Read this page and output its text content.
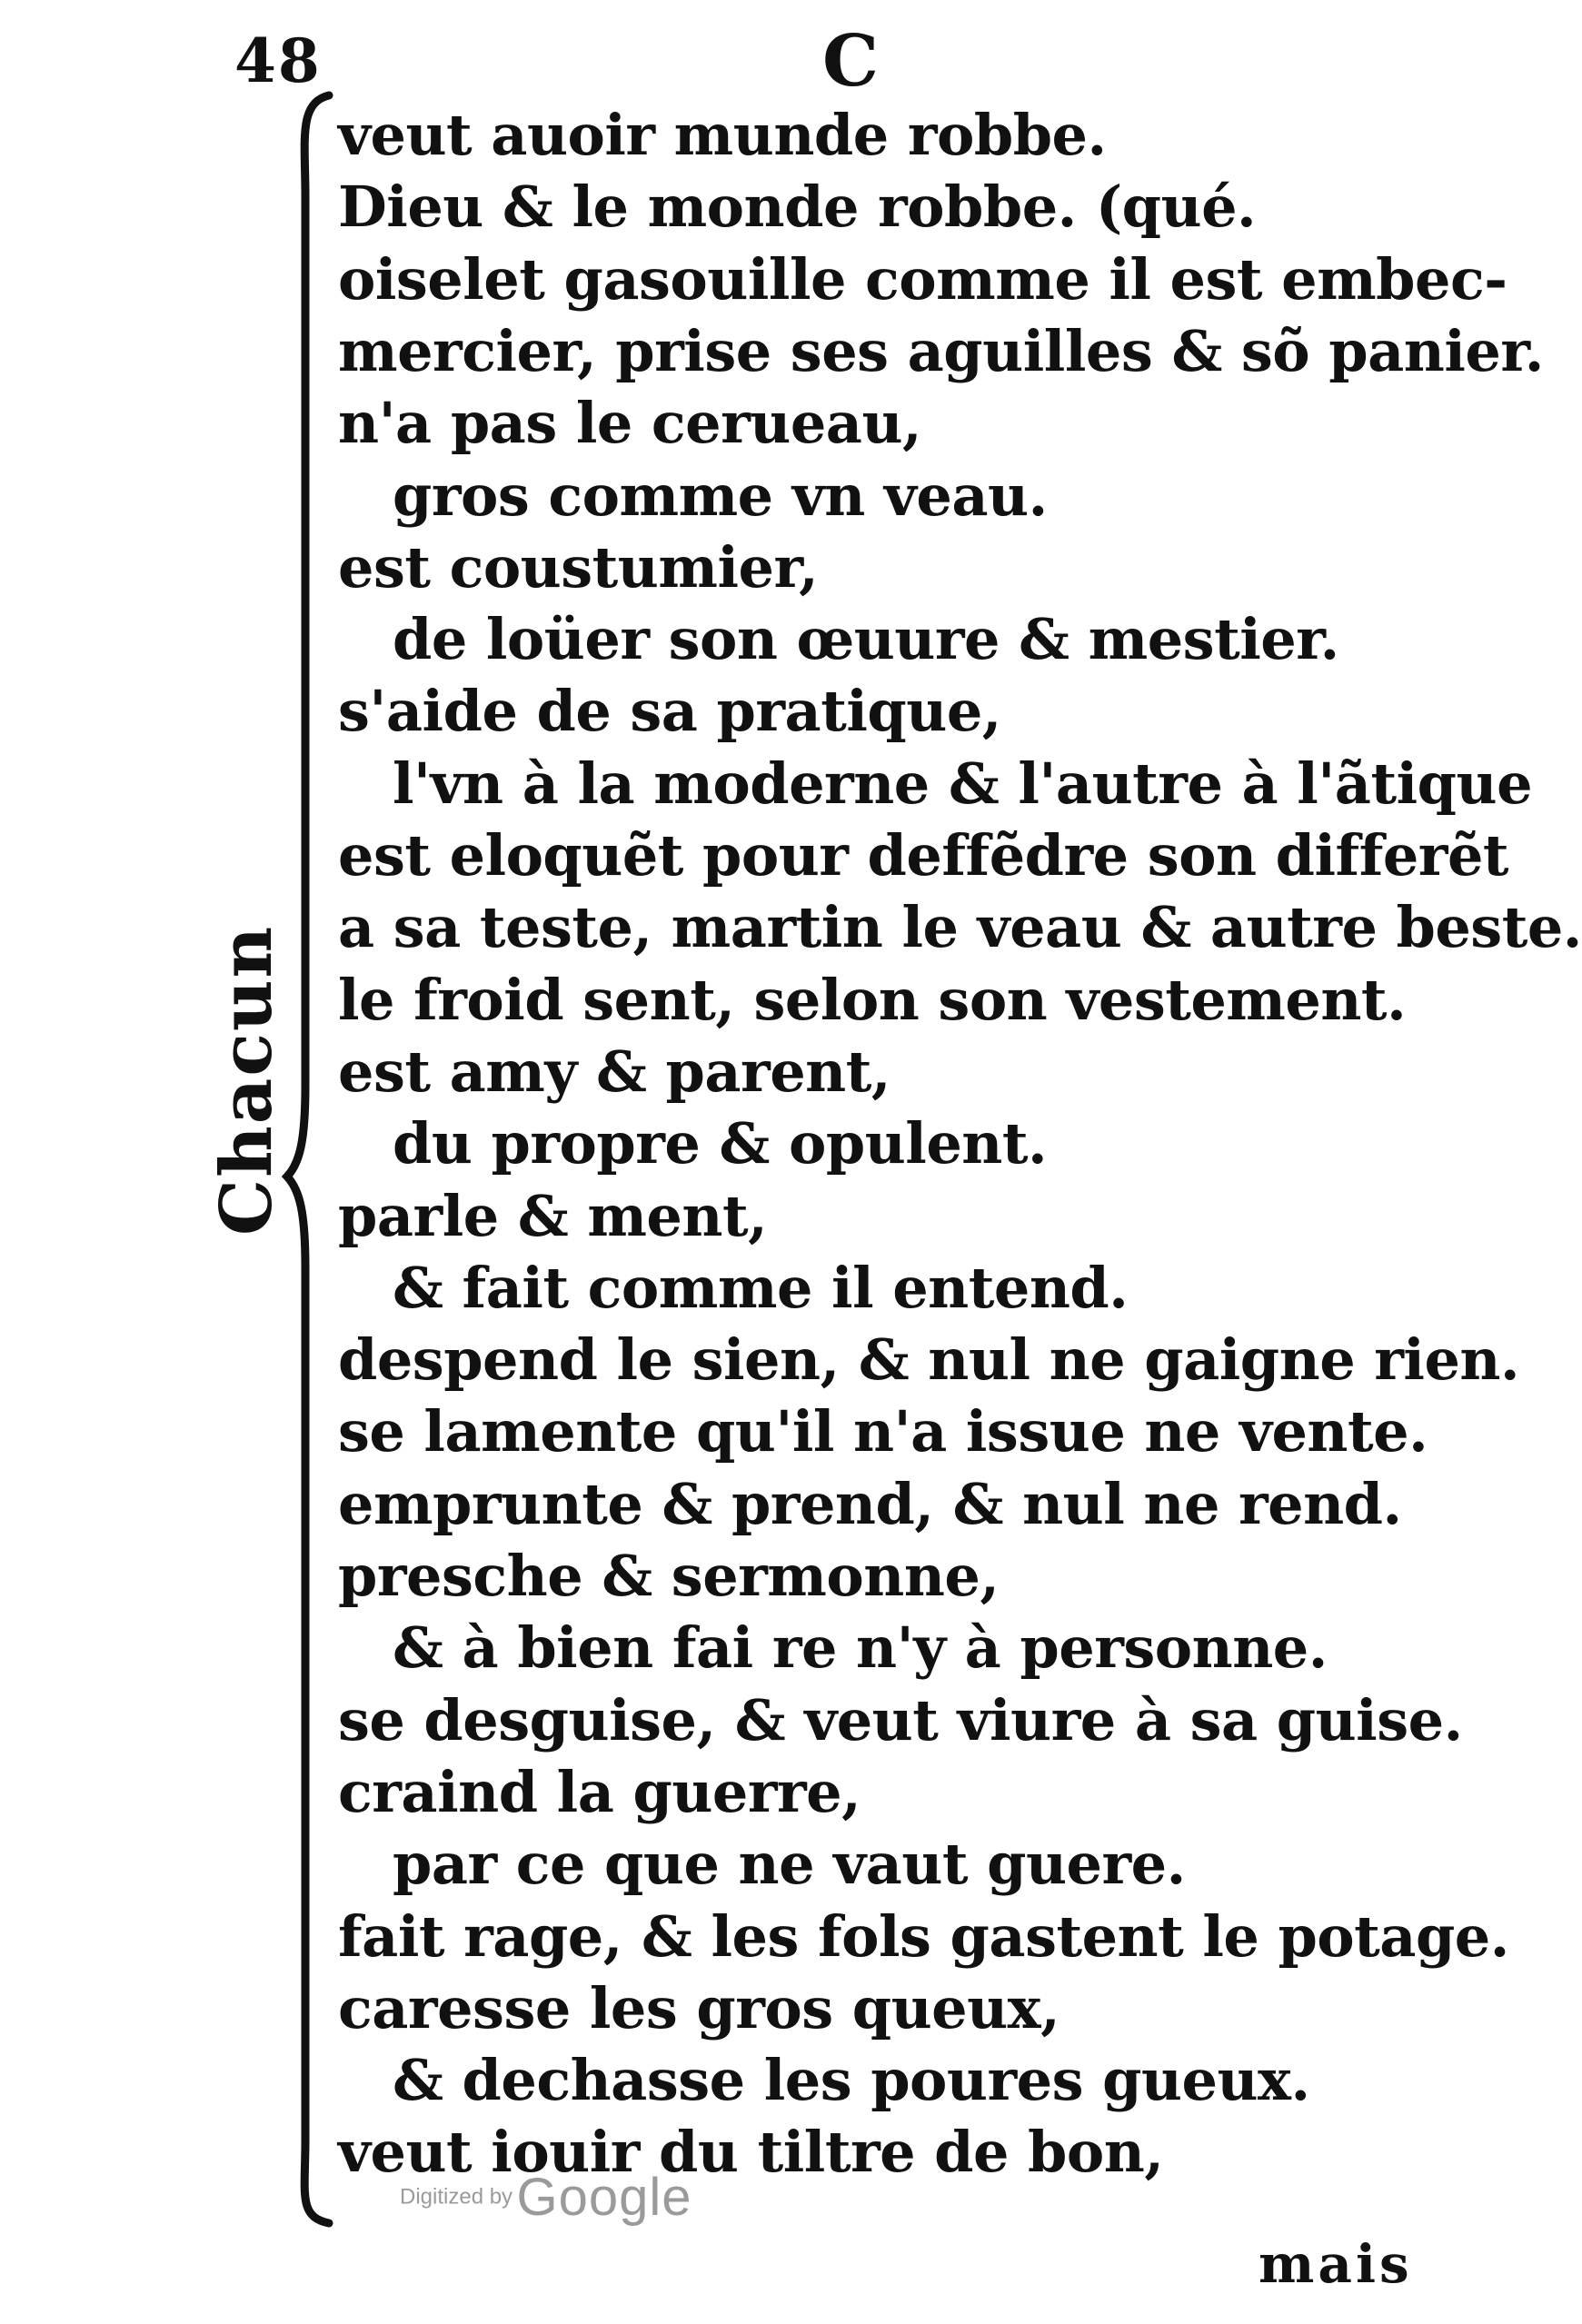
48	C
Chacun
veut auoir munde robbe.
Dieu & le monde robbe. (qué.
oiselet gasouille comme il est embec-
mercier, prise ses aguilles & sõ panier.
n'a pas le cerueau,
gros comme vn veau.
est coustumier,
de loüer son œuure & mestier.
s'aide de sa pratique,
l'vn à la moderne & l'autre à l'ãtique
est eloquẽt pour deffẽdre son differẽt
a sa teste, martin le veau & autre beste.
le froid sent, selon son vestement.
est amy & parent,
du propre & opulent.
parle & ment,
& fait comme il entend.
despend le sien, & nul ne gaigne rien.
se lamente qu'il n'a issue ne vente.
emprunte & prend, & nul ne rend.
presche & sermonne,
& à bien fai re n'y à personne.
se desguise, & veut viure à sa guise.
craind la guerre,
par ce que ne vaut guere.
fait rage, & les fols gastent le potage.
caresse les gros queux,
& dechasse les poures gueux.
veut iouir du tiltre de bon,
Digitized by Google
mais
